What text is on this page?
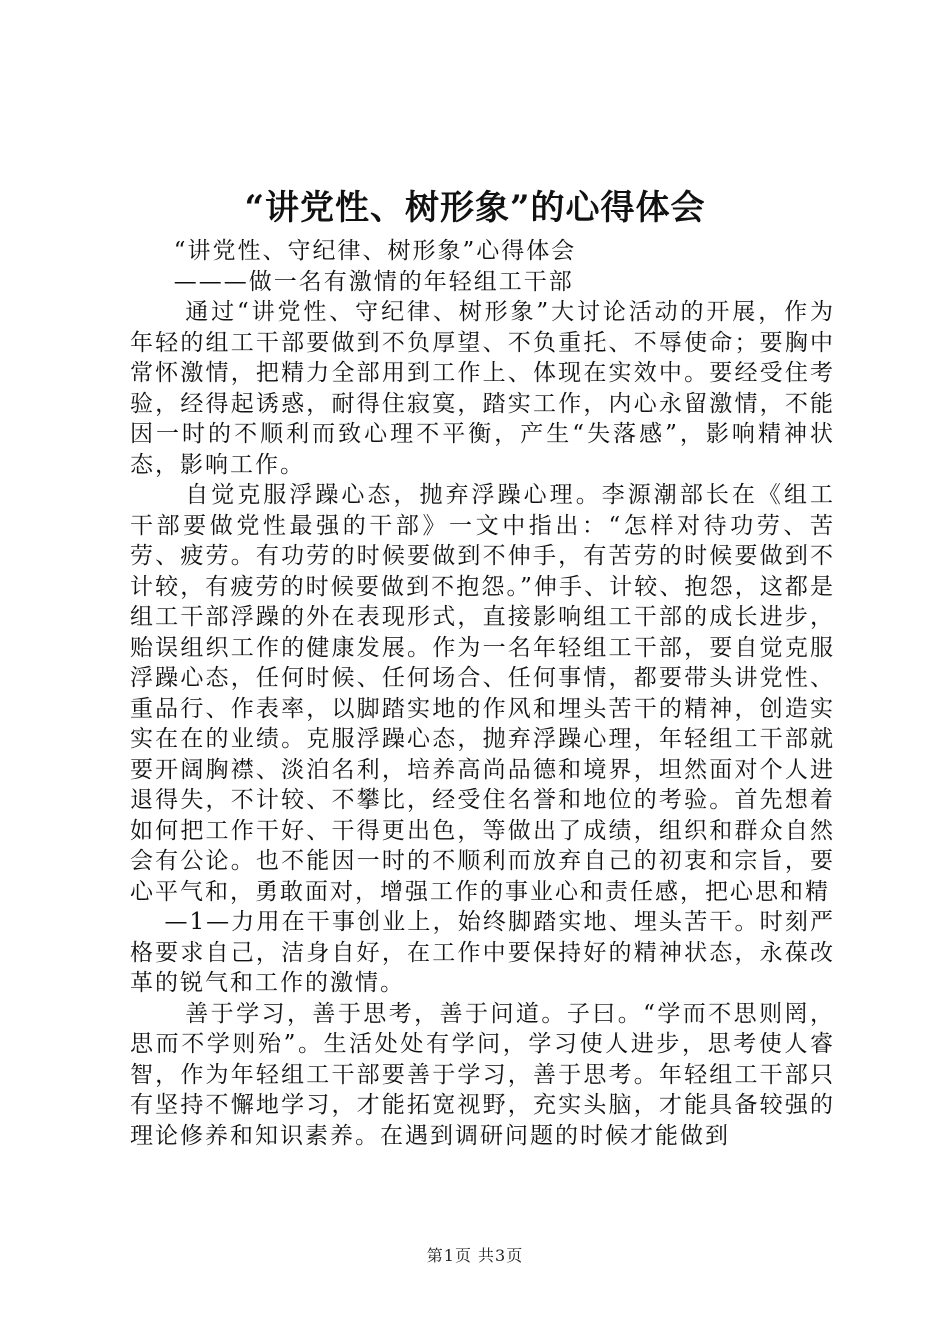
“讲党性、树形象”的心得体会

“讲党性、守纪律、树形象”心得体会

———做一名有激情的年轻组工干部

通过“讲党性、守纪律、树形象”大讨论活动的开展，作为年轻的组工干部要做到不负厚望、不负重托、不辱使命；要胸中常怀激情，把精力全部用到工作上、体现在实效中。要经受住考验，经得起诱惑，耐得住寂寞，踏实工作，内心永留激情，不能因一时的不顺利而致心理不平衡，产生“失落感”，影响精神状态，影响工作。

自觉克服浮躁心态，抛弃浮躁心理。李源潮部长在《组工干部要做党性最强的干部》一文中指出：“怎样对待功劳、苦劳、疲劳。有功劳的时候要做到不伸手，有苦劳的时候要做到不计较，有疲劳的时候要做到不抱怨。”伸手、计较、抱怨，这都是组工干部浮躁的外在表现形式，直接影响组工干部的成长进步，贻误组织工作的健康发展。作为一名年轻组工干部，要自觉克服浮躁心态，任何时候、任何场合、任何事情，都要带头讲党性、重品行、作表率，以脚踏实地的作风和埋头苦干的精神，创造实实在在的业绩。克服浮躁心态，抛弃浮躁心理，年轻组工干部就要开阔胸襟、淡泊名利，培养高尚品德和境界，坦然面对个人进退得失，不计较、不攀比，经受住名誉和地位的考验。首先想着如何把工作干好、干得更出色，等做出了成绩，组织和群众自然会有公论。也不能因一时的不顺利而放弃自己的初衷和宗旨，要心平气和，勇敢面对，增强工作的事业心和责任感，把心思和精

—1—力用在干事创业上，始终脚踏实地、埋头苦干。时刻严格要求自己，洁身自好，在工作中要保持好的精神状态，永葆改革的锐气和工作的激情。

善于学习，善于思考，善于问道。子曰。“学而不思则罔，思而不学则殆”。生活处处有学问，学习使人进步，思考使人睿智，作为年轻组工干部要善于学习，善于思考。年轻组工干部只有坚持不懈地学习，才能拓宽视野，充实头脑，才能具备较强的理论修养和知识素养。在遇到调研问题的时候才能做到

第1页 共3页
